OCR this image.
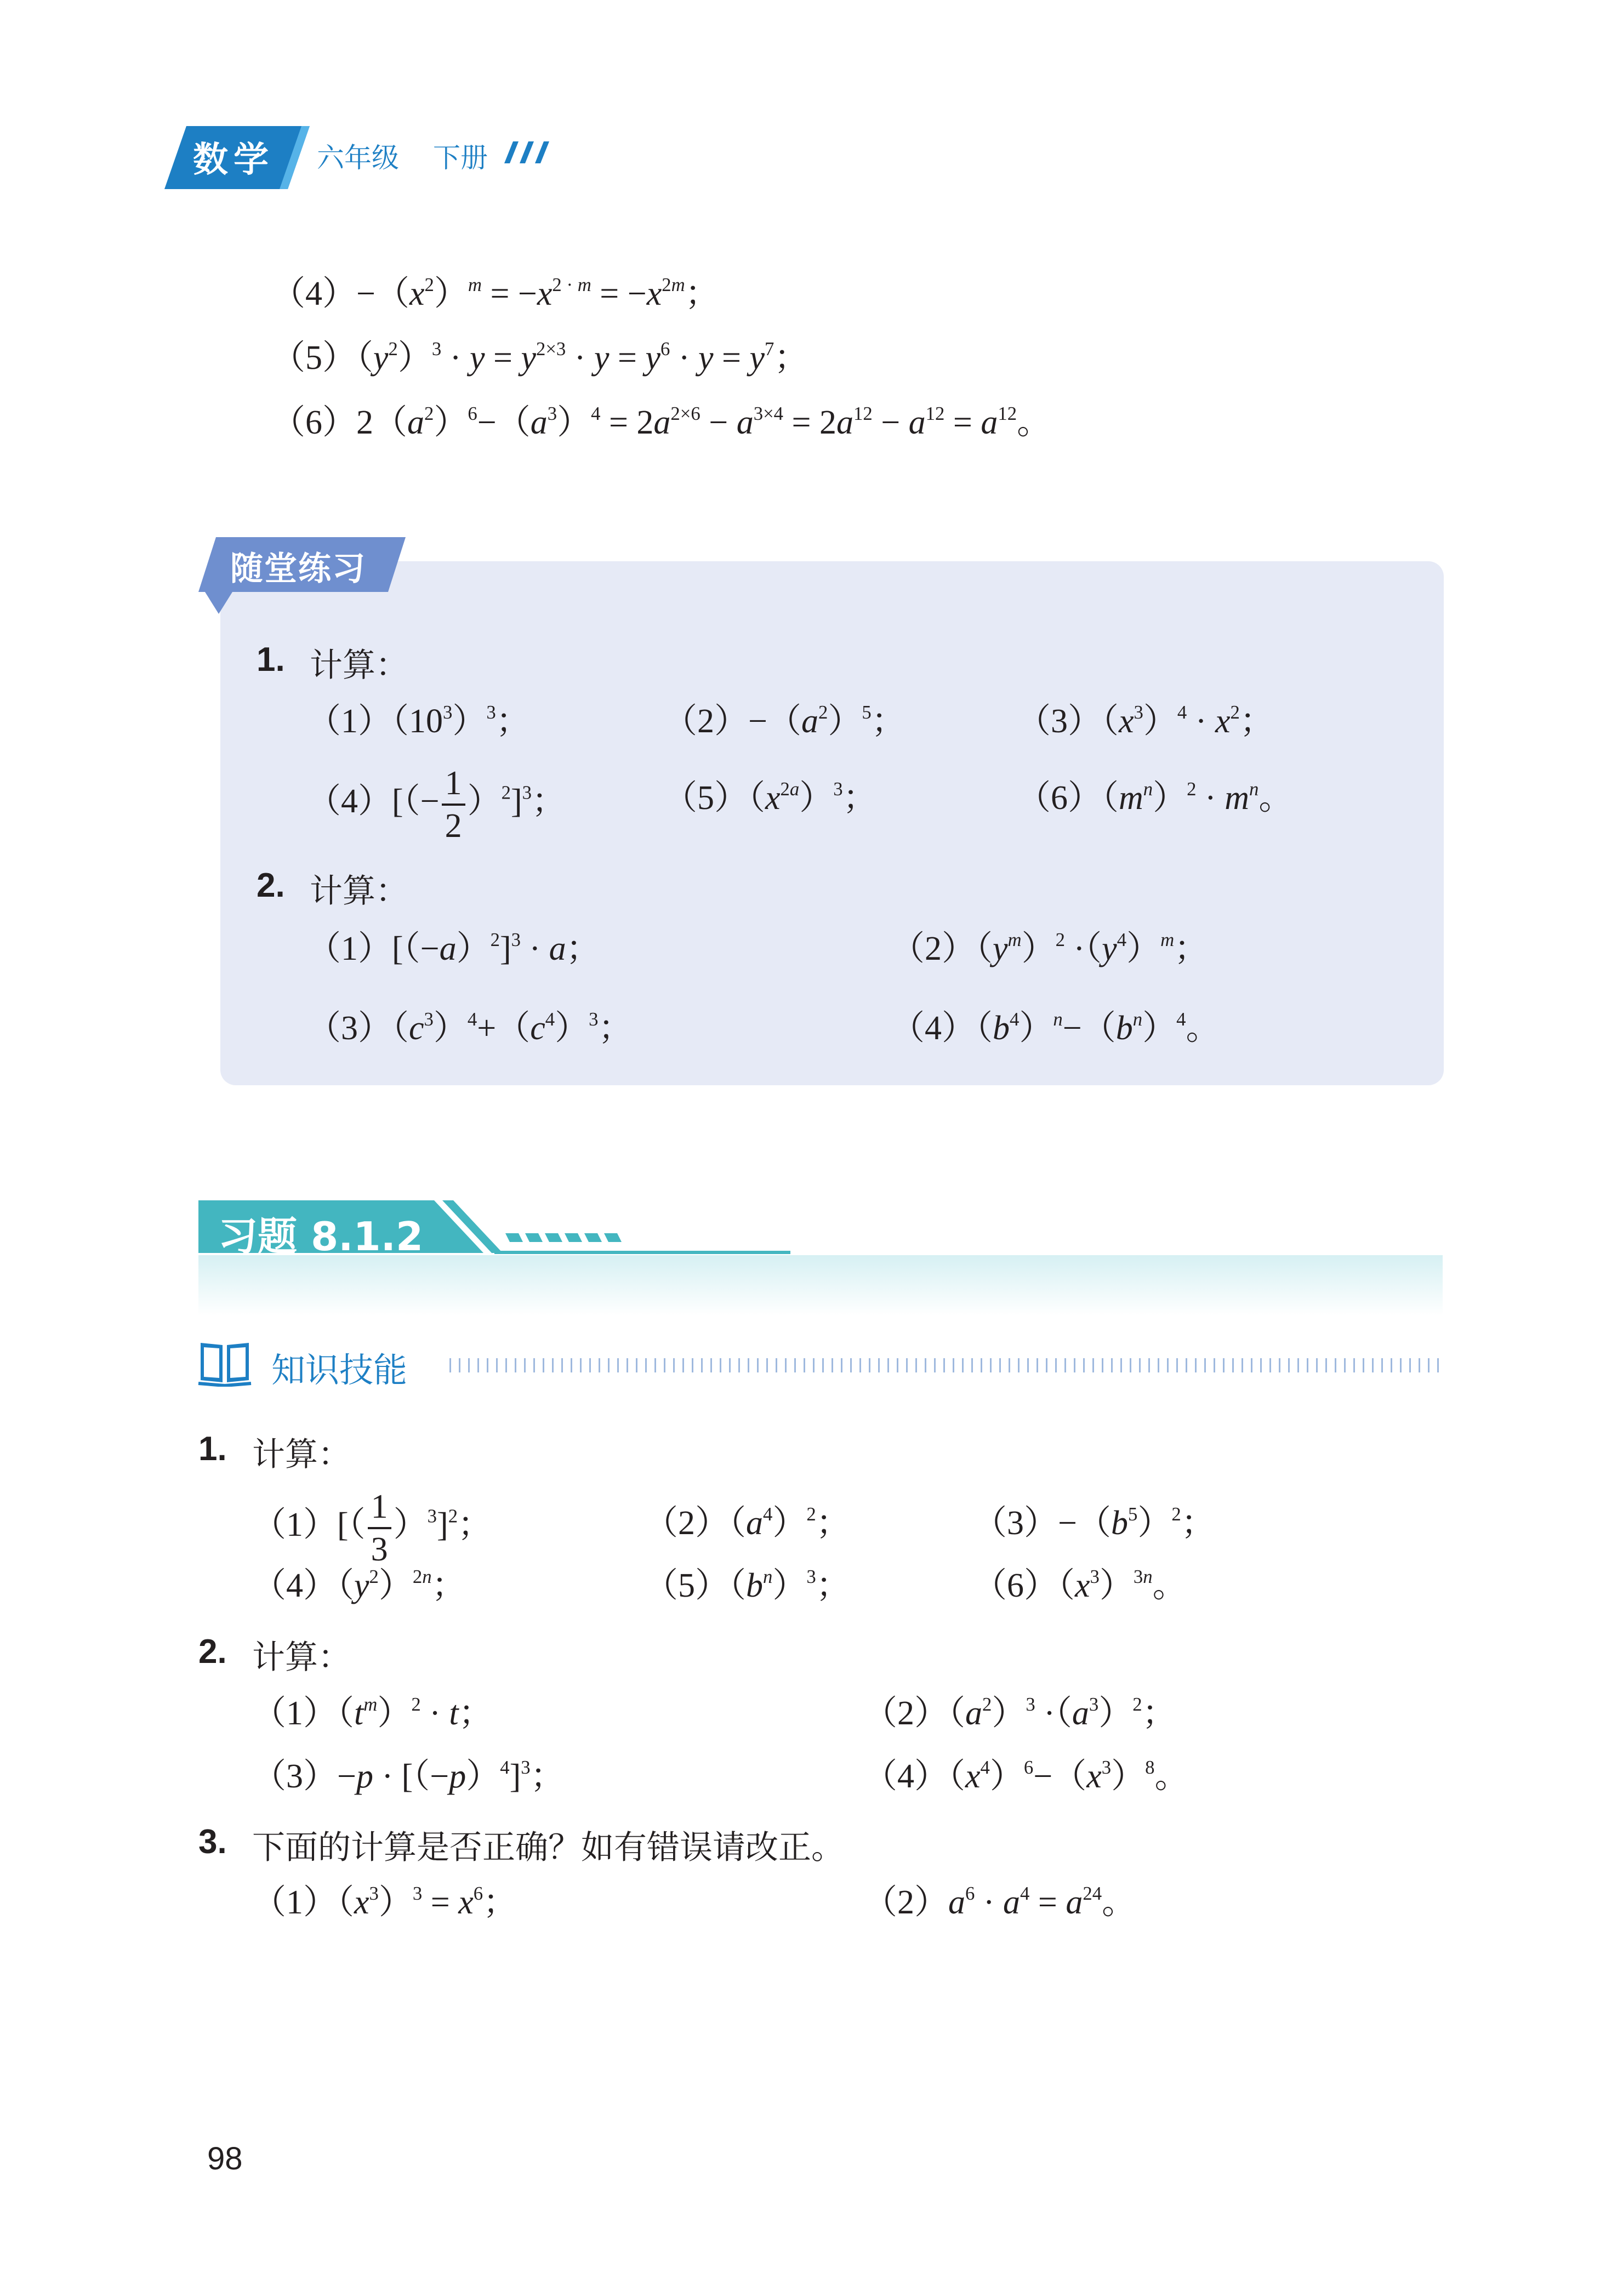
数学 六年级 下册
$(4)-(x^2)^m = -x^{2 \cdot m} = -x^{2m}$；
$(5)(y^2)^3 \cdot y = y^{2\times 3} \cdot y = y^6 \cdot y = y^7$；
$(6)2(a^2)^6-(a^3)^4 = 2a^{2\times 6} - a^{3\times 4} = 2a^{12} - a^{12} = a^{12}$。
随堂练习
1. 计算：
$(1)(10^3)^3$；	$(2)-(a^2)^5$；	$(3)(x^3)^4 \cdot x^2$；
$(4)[(- \frac{1}{2} )^2]^3$；	$(5)(x^{2a})^3$；	$(6)(m^n)^2 \cdot m^n$。
2. 计算：
$(1)[(-a)^2]^3 \cdot a$；	$(2)(y^m)^2 \cdot(y^4)^m$；
$(3)(c^3)^4+(c^4)^3$；	$(4)(b^4)^n-(b^n)^4$。
习题 8.1.2
知识技能
1. 计算：
$(1)[( \frac{1}{3} )^3]^2$；	$(2)(a^4)^2$；	$(3)-(b^5)^2$；
$(4)(y^2)^{2n}$；	$(5)(b^n)^3$；	$(6)(x^3)^{3n}$。
2. 计算：
$(1)(t^m)^2 \cdot t$；	$(2)(a^2)^3 \cdot(a^3)^2$；
$(3)-p \cdot [(-p)^4]^3$；	$(4)(x^4)^6-(x^3)^8$。
3. 下面的计算是否正确？如有错误请改正。
$(1)(x^3)^3 = x^6$；	$(2)a^6 \cdot a^4 = a^{24}$。
98
